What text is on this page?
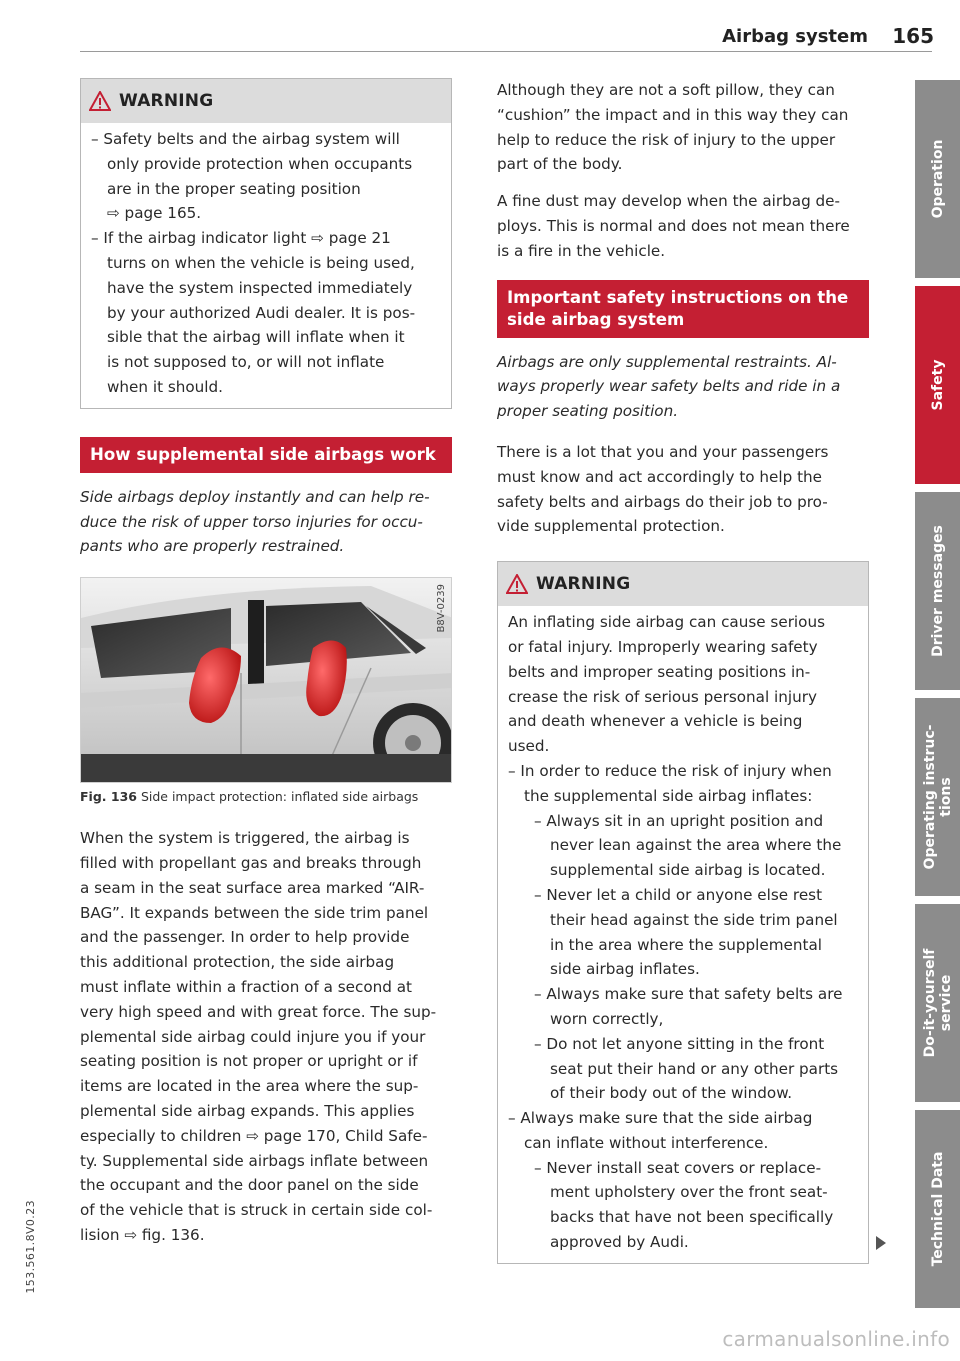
Airbag system 165
153.561.8V0.23
WARNING
– Safety belts and the airbag system will
only provide protection when occupants
are in the proper seating position
⇨ page 165.
– If the airbag indicator light ⇨ page 21
turns on when the vehicle is being used,
have the system inspected immediately
by your authorized Audi dealer. It is pos-
sible that the airbag will inflate when it
is not supposed to, or will not inflate
when it should.
How supplemental side airbags work

Side airbags deploy instantly and can help re-
duce the risk of upper torso injuries for occu-
pants who are properly restrained.

B8V-0239
Fig. 136 Side impact protection: inflated side airbags

When the system is triggered, the airbag is
filled with propellant gas and breaks through
a seam in the seat surface area marked “AIR-
BAG”. It expands between the side trim panel
and the passenger. In order to help provide
this additional protection, the side airbag
must inflate within a fraction of a second at
very high speed and with great force. The sup-
plemental side airbag could injure you if your
seating position is not proper or upright or if
items are located in the area where the sup-
plemental side airbag expands. This applies
especially to children ⇨ page 170, Child Safe-
ty. Supplemental side airbags inflate between
the occupant and the door panel on the side
of the vehicle that is struck in certain side col-
lision ⇨ fig. 136.

Although they are not a soft pillow, they can
“cushion” the impact and in this way they can
help to reduce the risk of injury to the upper
part of the body.

A fine dust may develop when the airbag de-
ploys. This is normal and does not mean there
is a fire in the vehicle.

Important safety instructions on the
side airbag system

Airbags are only supplemental restraints. Al-
ways properly wear safety belts and ride in a
proper seating position.

There is a lot that you and your passengers
must know and act accordingly to help the
safety belts and airbags do their job to pro-
vide supplemental protection.

WARNING
An inflating side airbag can cause serious
or fatal injury. Improperly wearing safety
belts and improper seating positions in-
crease the risk of serious personal injury
and death whenever a vehicle is being
used.
– In order to reduce the risk of injury when
the supplemental side airbag inflates:
– Always sit in an upright position and
never lean against the area where the
supplemental side airbag is located.
– Never let a child or anyone else rest
their head against the side trim panel
in the area where the supplemental
side airbag inflates.
– Always make sure that safety belts are
worn correctly,
– Do not let anyone sitting in the front
seat put their hand or any other parts
of their body out of the window.
– Always make sure that the side airbag
can inflate without interference.
– Never install seat covers or replace-
ment upholstery over the front seat-
backs that have not been specifically
approved by Audi.
Operation
Safety
Driver messages
Operating instruc-
tions
Do-it-yourself
service
Technical Data
carmanualsonline.info
